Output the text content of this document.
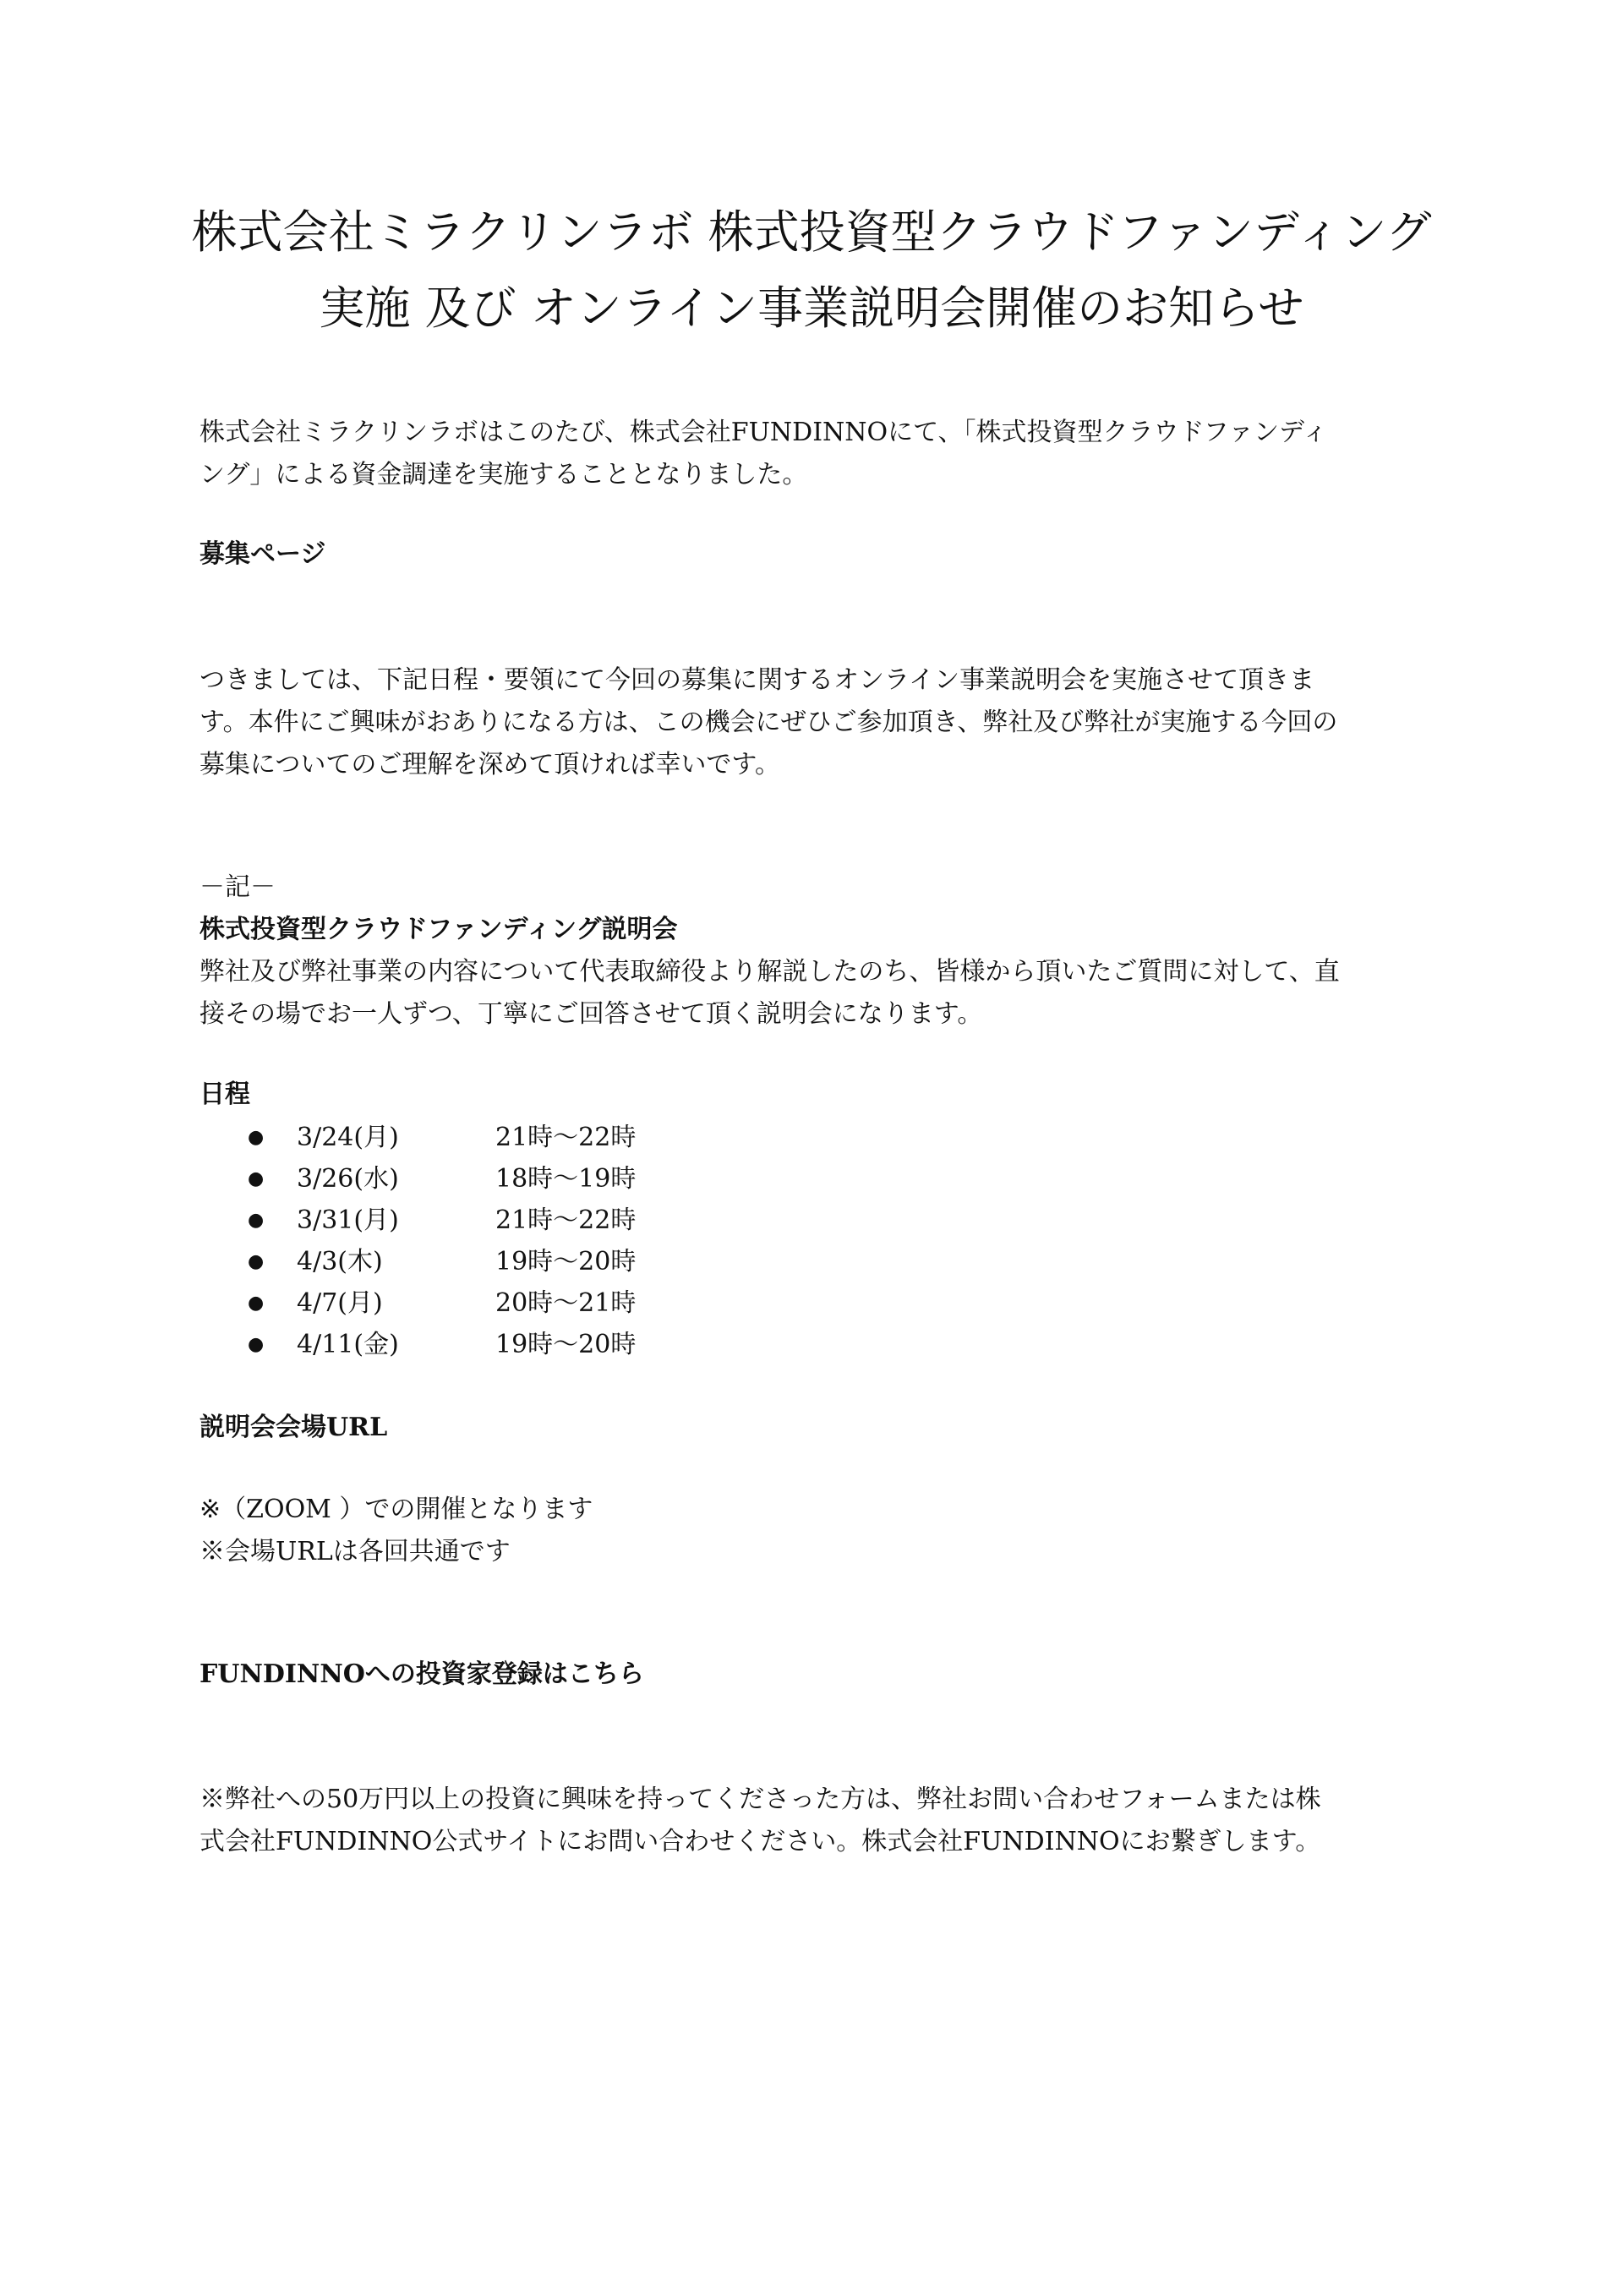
株式会社ミラクリンラボ 株式投資型クラウドファンディング
実施 及び オンライン事業説明会開催のお知らせ
株式会社ミラクリンラボはこのたび、株式会社FUNDINNOにて、「株式投資型クラウドファンディ
ング」による資金調達を実施することとなりました。
募集ページ
つきましては、下記日程・要領にて今回の募集に関するオンライン事業説明会を実施させて頂きま
す。本件にご興味がおありになる方は、この機会にぜひご参加頂き、弊社及び弊社が実施する今回の
募集についてのご理解を深めて頂ければ幸いです。
－記－
株式投資型クラウドファンディング説明会
弊社及び弊社事業の内容について代表取締役より解説したのち、皆様から頂いたご質問に対して、直
接その場でお一人ずつ、丁寧にご回答させて頂く説明会になります。
日程
● 3/24(月)	21時～22時
● 3/26(水)	18時～19時
● 3/31(月)	21時～22時
● 4/3(木)	19時～20時
● 4/7(月)	20時～21時
● 4/11(金)	19時～20時
説明会会場URL
※（ZOOM ）での開催となります
※会場URLは各回共通です
FUNDINNOへの投資家登録はこちら
※弊社への50万円以上の投資に興味を持ってくださった方は、弊社お問い合わせフォームまたは株
式会社FUNDINNO公式サイトにお問い合わせください。株式会社FUNDINNOにお繋ぎします。
